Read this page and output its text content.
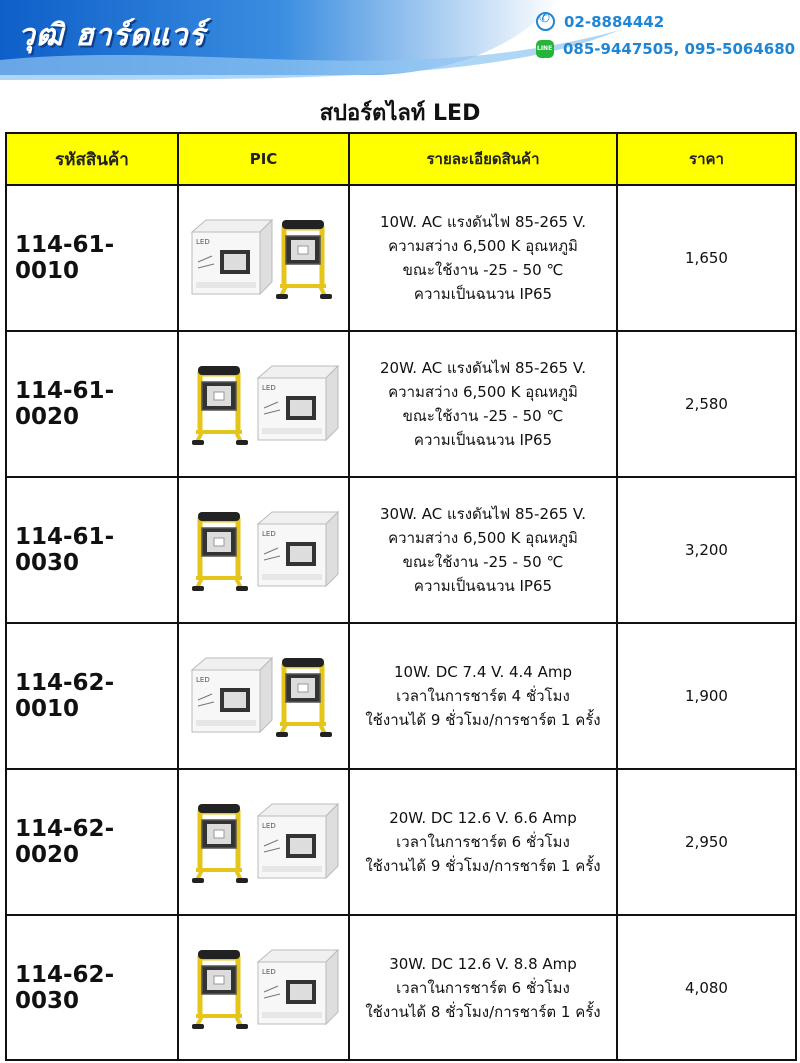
วุฒิ ฮาร์ดแวร์ ✆	02-8884442
LINE
085-9447505, 095-5064680
สปอร์ตไลท์ LED
รหัสสินค้า	PIC	รายละเอียดสินค้า	ราคา
114-61-0010	LED	10W. AC แรงดันไฟ 85-265 V.
ความสว่าง 6,500 K อุณหภูมิ
ขณะใช้งาน -25 - 50 ℃
ความเป็นฉนวน IP65	1,650
114-61-0020	LED	20W. AC แรงดันไฟ 85-265 V.
ความสว่าง 6,500 K อุณหภูมิ
ขณะใช้งาน -25 - 50 ℃
ความเป็นฉนวน IP65	2,580
114-61-0030	LED	30W. AC แรงดันไฟ 85-265 V.
ความสว่าง 6,500 K อุณหภูมิ
ขณะใช้งาน -25 - 50 ℃
ความเป็นฉนวน IP65	3,200
114-62-0010	LED	10W. DC 7.4 V. 4.4 Amp
เวลาในการชาร์ต 4 ชั่วโมง
ใช้งานได้ 9 ชั่วโมง/การชาร์ต 1 ครั้ง	1,900
114-62-0020	LED	20W. DC 12.6 V. 6.6 Amp
เวลาในการชาร์ต 6 ชั่วโมง
ใช้งานได้ 9 ชั่วโมง/การชาร์ต 1 ครั้ง	2,950
114-62-0030	LED	30W. DC 12.6 V. 8.8 Amp
เวลาในการชาร์ต 6 ชั่วโมง
ใช้งานได้ 8 ชั่วโมง/การชาร์ต 1 ครั้ง	4,080
